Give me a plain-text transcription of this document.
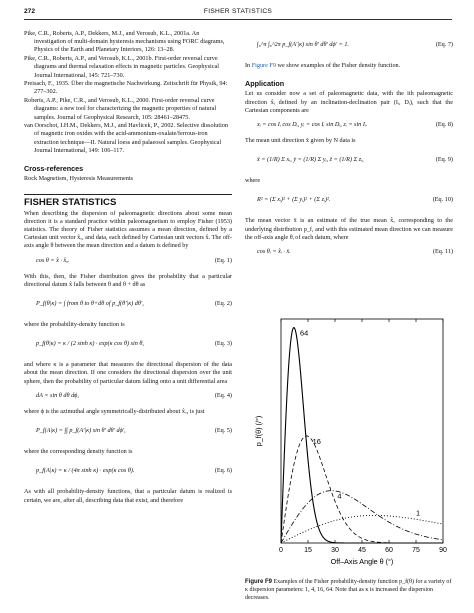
272	FISHER STATISTICS
Pike, C.R., Roberts, A.P., Dekkers, M.J., and Verosub, K.L., 2001a. An investigation of multi-domain hysteresis mechanisms using FORC diagrams, Physics of the Earth and Planetary Interiors, 126: 13–28.
Pike, C.R., Roberts, A.P., and Verosub, K.L., 2001b. First-order reversal curve diagrams and thermal relaxation effects in magnetic particles. Geophysical Journal International, 145: 721–730.
Preisach, F., 1935. Über die magnetische Nachwirkung. Zeitschrift für Physik, 94: 277–302.
Roberts, A.P., Pike, C.R., and Verosub, K.L., 2000. First-order reversal curve diagrams: a new tool for characterizing the magnetic properties of natural samples. Journal of Geophysical Research, 105: 28461–28475.
van Oorschot, I.H.M., Dekkers, M.J., and Havlicek, P., 2002. Selective dissolution of magnetic iron oxides with the acid-ammonium-oxalate/ferrous-iron extraction technique—II. Natural loess and palaeosol samples. Geophysical Journal International, 149: 106–117.
Cross-references

Rock Magnetism, Hysteresis Measurements

FISHER STATISTICS

When describing the dispersion of paleomagnetic directions about some mean direction it is a standard practice within paleomagnetism to employ Fisher (1953) statistics. The theory of Fisher statistics assumes a mean direction, defined by a Cartesian unit vector x̂ₒ, and data, each defined by Cartesian unit vectors x̂. The off-axis angle θ between the mean direction and a datum is defined by

cos θ = x̂ · x̂ₒ.	(Eq. 1)

With this, then, the Fisher distribution gives the probability that a particular directional datum x̂ falls between θ and θ + dθ as

P_f(θ|κ) = ∫ from θ to θ+dθ of p_f(θ′|κ) dθ′,	(Eq. 2)

where the probability-density function is

p_f(θ|κ) = κ / (2 sinh κ) · exp(κ cos θ) sin θ,	(Eq. 3)

and where κ is a parameter that measures the directional dispersion of the data about the mean direction. If one considers the directional dispersion over the unit sphere, then the probability of particular datum falling onto a unit differential area

dA = sin θ dθ dϕ,	(Eq. 4)

where ϕ is the azimuthal angle symmetrically-distributed about x̂ₒ, is just

P_f(A|κ) = ∫∫ p_f(A′|κ) sin θ′ dθ′ dϕ′,	(Eq. 5)

where the corresponding density function is

p_f(A|κ) = κ / (4π sinh κ) · exp(κ cos θ).	(Eq. 6)

As with all probability-density functions, that a particular datum is realized is certain, we are, after all, describing data that exist, and therefore

∫₀^π ∫₀^2π p_f(A′|κ) sin θ′ dθ′ dϕ′ = 1.	(Eq. 7)

In Figure F9 we show examples of the Fisher density function.

Application

Let us consider now a set of paleomagnetic data, with the ith paleomagnetic direction x̂ᵢ defined by an inclination-declination pair (Iᵢ, Dᵢ), such that the Cartesian components are

xᵢ = cos Iᵢ cos Dᵢ, yᵢ = cos Iᵢ sin Dᵢ, zᵢ = sin Iᵢ.	(Eq. 8)

The mean unit direction x̄ given by N data is

x̄ = (1/R) Σ xᵢ, ȳ = (1/R) Σ yᵢ, z̄ = (1/R) Σ zᵢ,	(Eq. 9)

where

R² = (Σ xᵢ)² + (Σ yᵢ)² + (Σ zᵢ)².	(Eq. 10)

The mean vector x̄ is an estimate of the true mean x̂ₒ corresponding to the underlying distribution p_f, and with this estimated mean direction we can measure the off-axis angle θᵢ of each datum, where

cos θᵢ = x̂ᵢ · x̄.	(Eq. 11)
0	15	30	45	60	75	90
Off–Axis Angle θ (°)
p_f(θ) (/°)
64
16
4
1
Figure F9 Examples of the Fisher probability-density function p_f(θ) for a variety of κ dispersion parameters: 1, 4, 16, 64. Note that as κ is increased the dispersion decreases.
